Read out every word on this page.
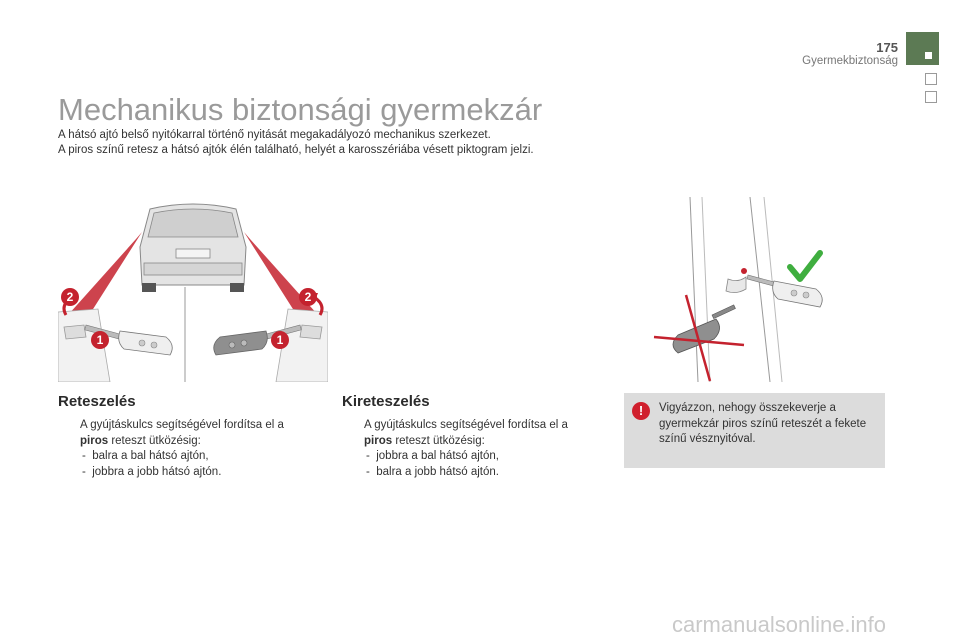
175
Gyermekbiztonság
Mechanikus biztonsági gyermekzár
A hátsó ajtó belső nyitókarral történő nyitását megakadályozó mechanikus szerkezet.
A piros színű retesz a hátsó ajtók élén található, helyét a karosszériába vésett piktogram jelzi.
2	2
1	1
Reteszelés
A gyújtáskulcs segítségével fordítsa el a
piros reteszt ütközésig:
-  balra a bal hátsó ajtón,
-  jobbra a jobb hátsó ajtón.
Kireteszelés
A gyújtáskulcs segítségével fordítsa el a
piros reteszt ütközésig:
-  jobbra a bal hátsó ajtón,
-  balra a jobb hátsó ajtón.
!	Vigyázzon, nehogy összekeverje a gyermekzár piros színű reteszét a fekete színű vésznyitóval.
carmanualsonline.info
